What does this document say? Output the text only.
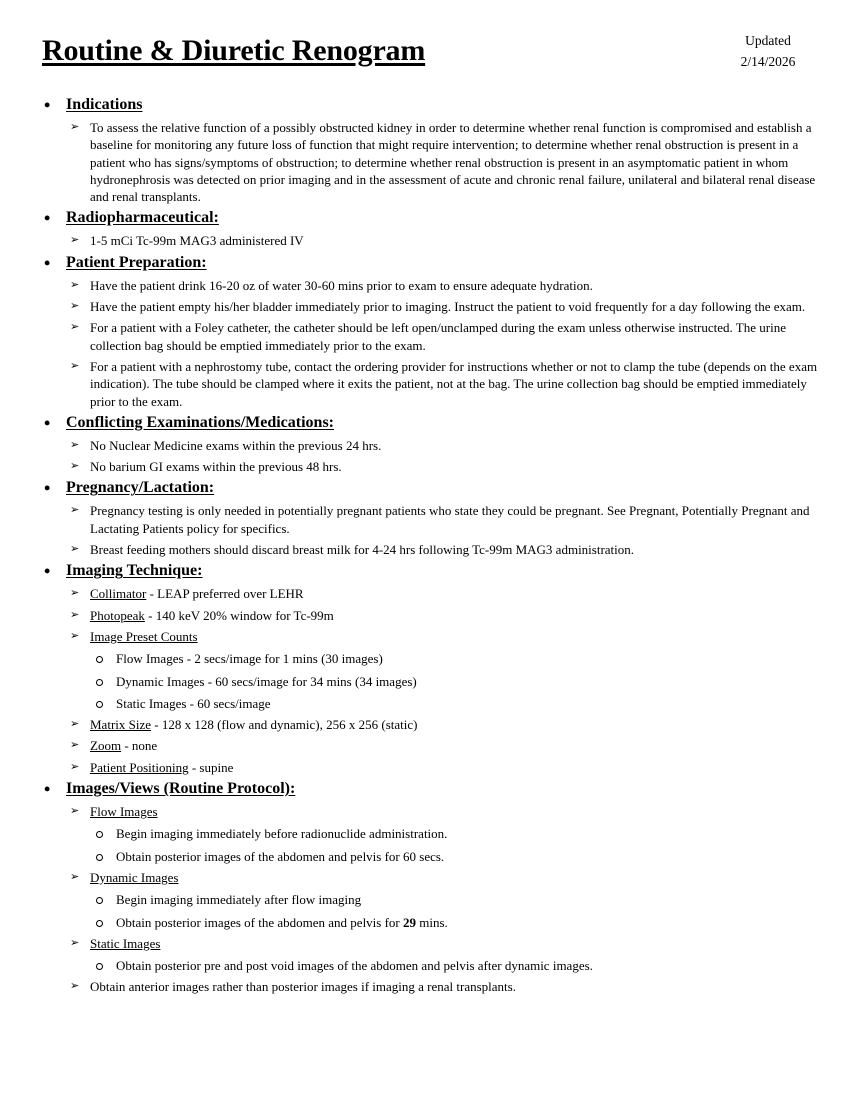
Routine & Diuretic Renogram	Updated
2/14/2026
• Indications
➢ To assess the relative function of a possibly obstructed kidney in order to determine whether renal function is compromised and establish a baseline for monitoring any future loss of function that might require intervention; to determine whether renal obstruction is present in a patient who has signs/symptoms of obstruction; to determine whether renal obstruction is present in an asymptomatic patient in whom hydronephrosis was detected on prior imaging and in the assessment of acute and chronic renal failure, unilateral and bilateral renal disease and renal transplants.
• Radiopharmaceutical:
➢ 1-5 mCi Tc-99m MAG3 administered IV
• Patient Preparation:
➢ Have the patient drink 16-20 oz of water 30-60 mins prior to exam to ensure adequate hydration.
➢ Have the patient empty his/her bladder immediately prior to imaging. Instruct the patient to void frequently for a day following the exam.
➢ For a patient with a Foley catheter, the catheter should be left open/unclamped during the exam unless otherwise instructed. The urine collection bag should be emptied immediately prior to the exam.
➢ For a patient with a nephrostomy tube, contact the ordering provider for instructions whether or not to clamp the tube (depends on the exam indication). The tube should be clamped where it exits the patient, not at the bag. The urine collection bag should be emptied immediately prior to the exam.
• Conflicting Examinations/Medications:
➢ No Nuclear Medicine exams within the previous 24 hrs.
➢ No barium GI exams within the previous 48 hrs.
• Pregnancy/Lactation:
➢ Pregnancy testing is only needed in potentially pregnant patients who state they could be pregnant. See Pregnant, Potentially Pregnant and Lactating Patients policy for specifics.
➢ Breast feeding mothers should discard breast milk for 4-24 hrs following Tc-99m MAG3 administration.
• Imaging Technique:
➢ Collimator - LEAP preferred over LEHR
➢ Photopeak - 140 keV 20% window for Tc-99m
➢ Image Preset Counts
Flow Images - 2 secs/image for 1 mins (30 images)
Dynamic Images - 60 secs/image for 34 mins (34 images)
Static Images - 60 secs/image
➢ Matrix Size - 128 x 128 (flow and dynamic), 256 x 256 (static)
➢ Zoom - none
➢ Patient Positioning - supine
• Images/Views (Routine Protocol):
➢ Flow Images
Begin imaging immediately before radionuclide administration.
Obtain posterior images of the abdomen and pelvis for 60 secs.
➢ Dynamic Images
Begin imaging immediately after flow imaging
Obtain posterior images of the abdomen and pelvis for 29 mins.
➢ Static Images
Obtain posterior pre and post void images of the abdomen and pelvis after dynamic images.
➢ Obtain anterior images rather than posterior images if imaging a renal transplants.
